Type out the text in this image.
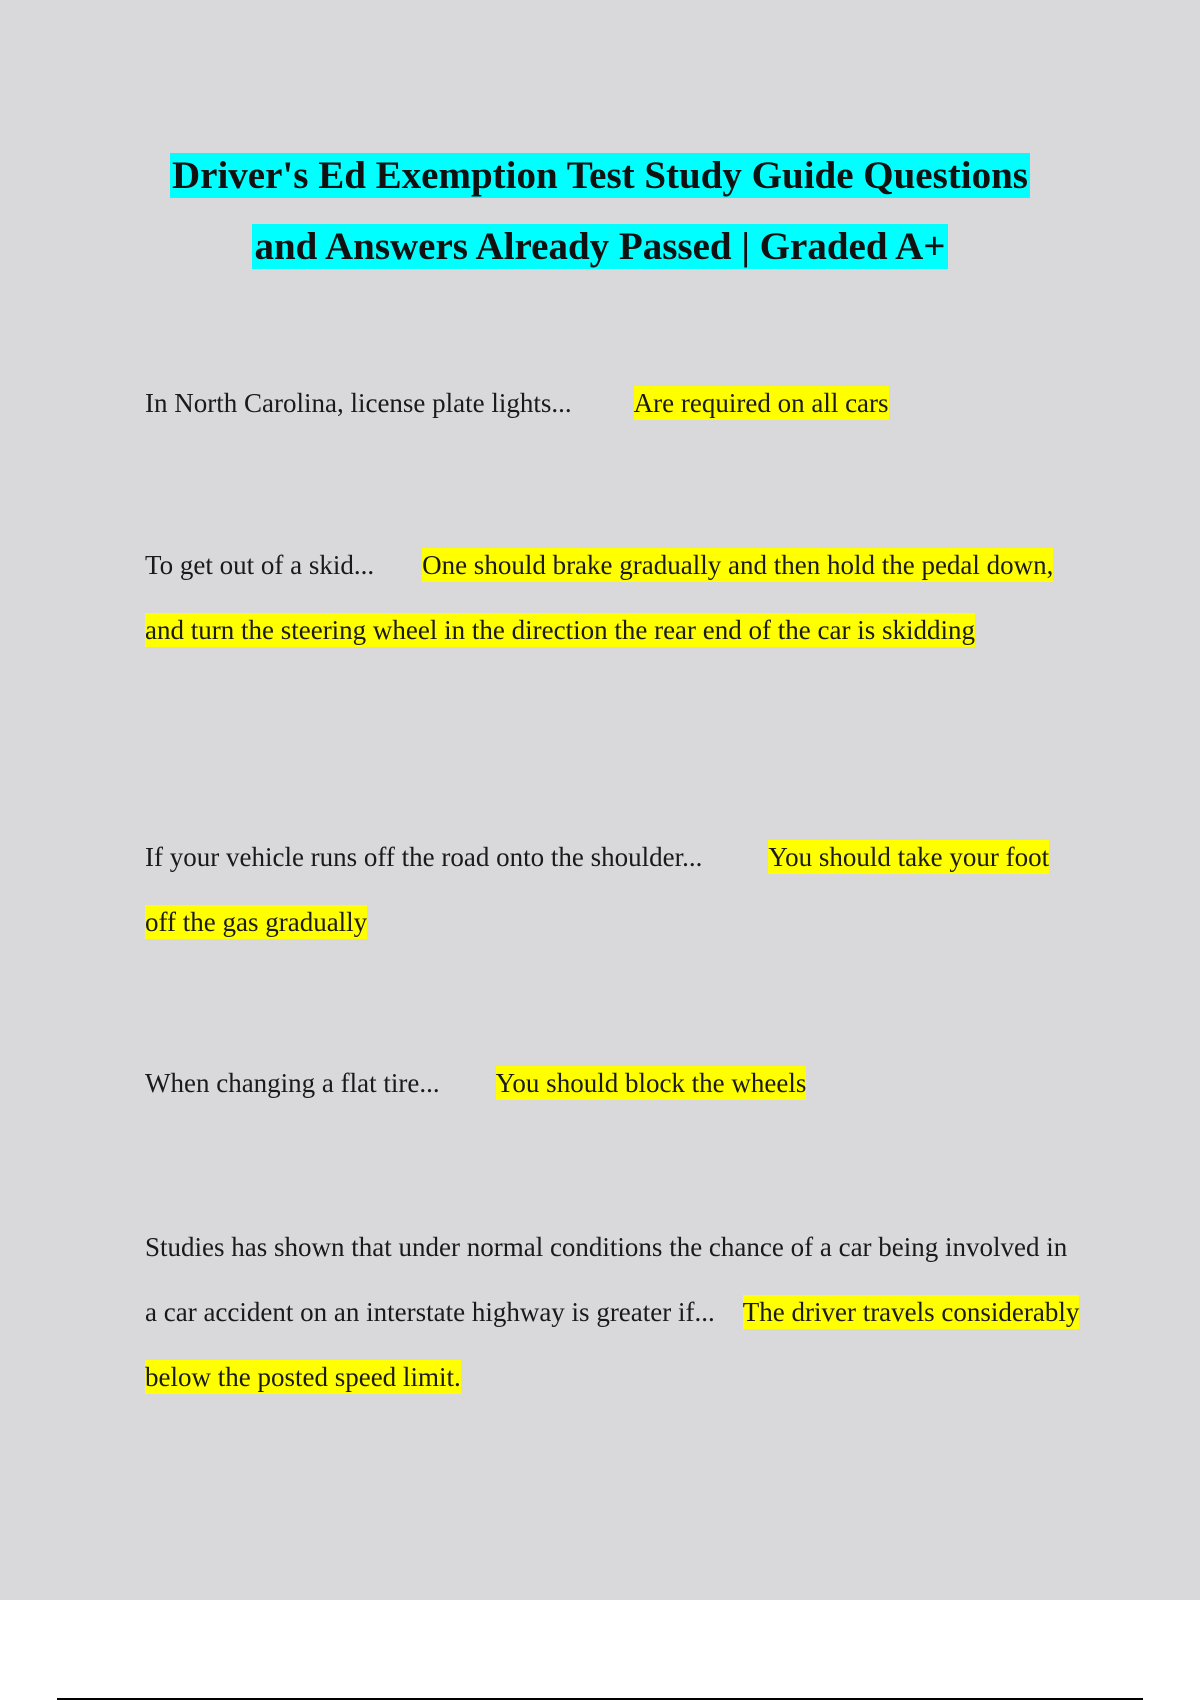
Driver's Ed Exemption Test Study Guide Questions
and Answers Already Passed | Graded A+

In North Carolina, license plate lights... Are required on all cars

To get out of a skid... One should brake gradually and then hold the pedal down, and turn the steering wheel in the direction the rear end of the car is skidding

If your vehicle runs off the road onto the shoulder... You should take your foot off the gas gradually

When changing a flat tire... You should block the wheels

Studies has shown that under normal conditions the chance of a car being involved in a car accident on an interstate highway is greater if... The driver travels considerably below the posted speed limit.
